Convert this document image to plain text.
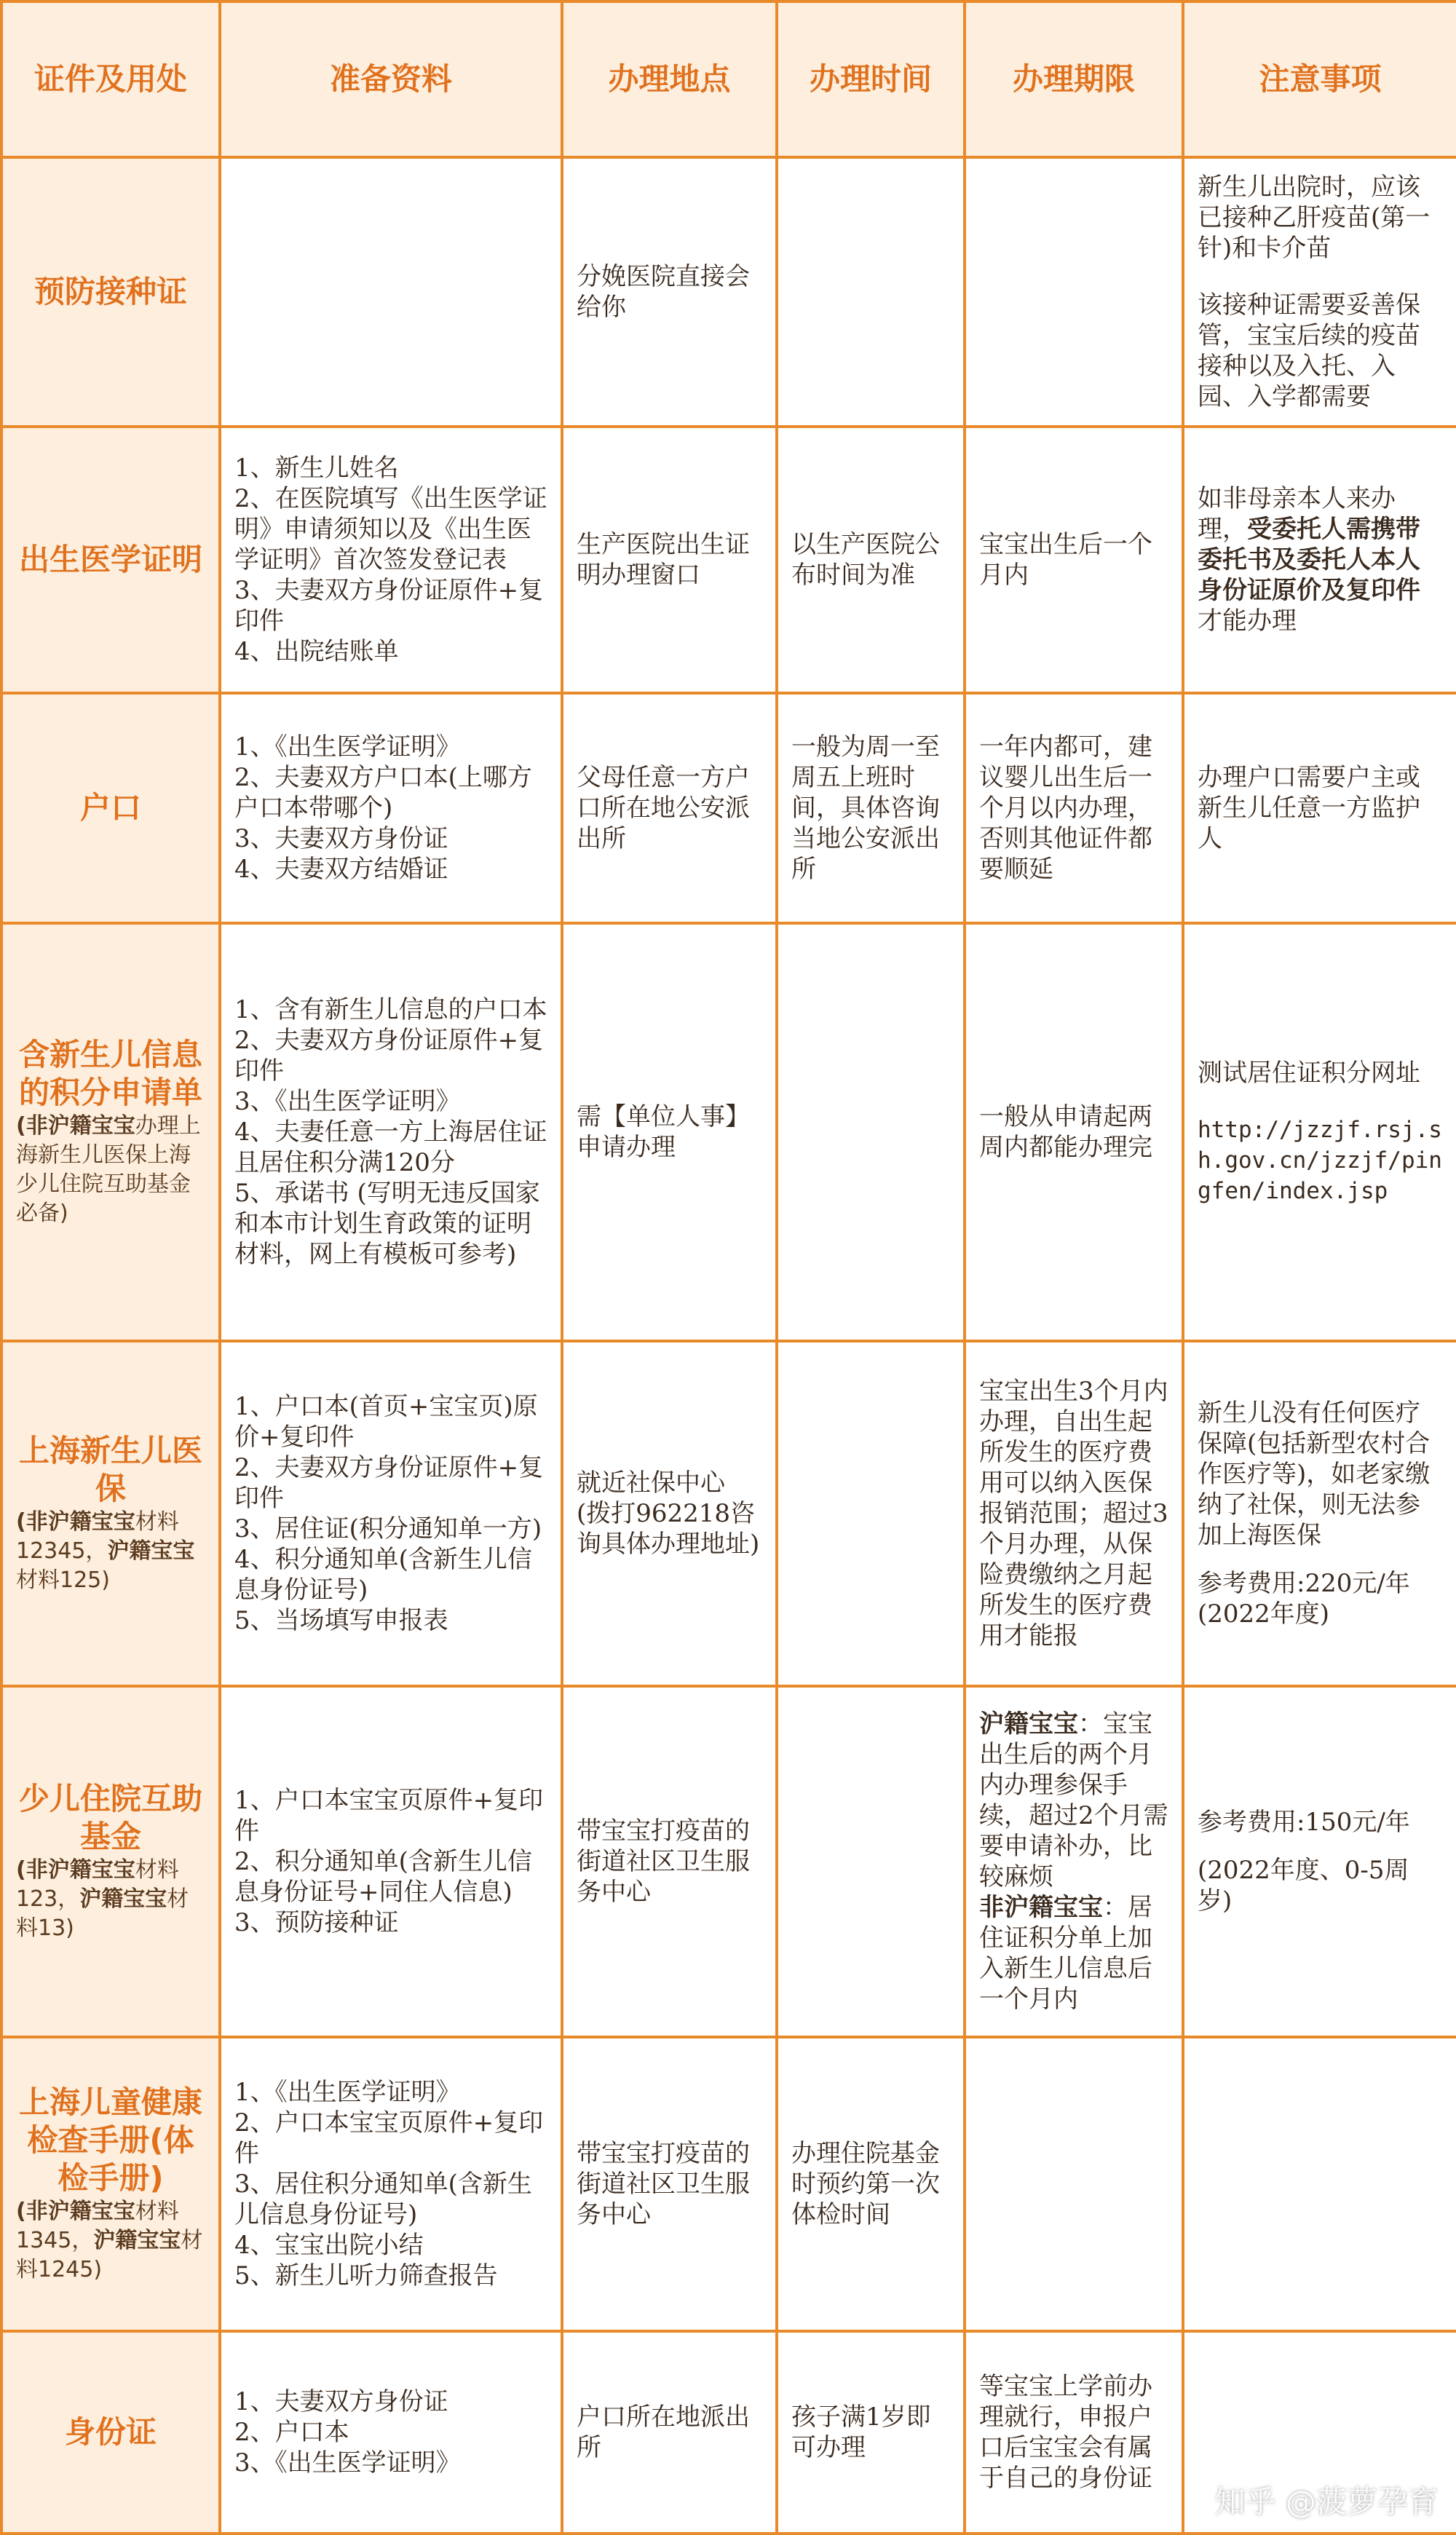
证件及用处	准备资料	办理地点	办理时间	办理期限	注意事项

预防接种证		分娩医院直接会给你			新生儿出院时，应该已接种乙肝疫苗(第一针)和卡介苗
该接种证需要妥善保管，宝宝后续的疫苗接种以及入托、入园、入学都需要

出生医学证明	1、新生儿姓名
2、在医院填写《出生医学证明》申请须知以及《出生医学证明》首次签发登记表
3、夫妻双方身份证原件+复印件
4、出院结账单	生产医院出生证明办理窗口	以生产医院公布时间为准	宝宝出生后一个月内	如非母亲本人来办理，受委托人需携带 委托书及委托人本人身份证原价及复印件才能办理

户口	1、《出生医学证明》
2、夫妻双方户口本(上哪方户口本带哪个)
3、夫妻双方身份证
4、夫妻双方结婚证	父母任意一方户口所在地公安派出所	一般为周一至周五上班时间，具体咨询当地公安派出所	一年内都可，建议婴儿出生后一个月以内办理，否则其他证件都要顺延	办理户口需要户主或新生儿任意一方监护人

含新生儿信息的积分申请单
(非沪籍宝宝办理上海新生儿医保上海少儿住院互助基金必备)	1、含有新生儿信息的户口本
2、夫妻双方身份证原件+复印件
3、《出生医学证明》
4、夫妻任意一方上海居住证且居住积分满120分
5、承诺书 (写明无违反国家和本市计划生育政策的证明材料，网上有模板可参考)	需【单位人事】申请办理		一般从申请起两周内都能办理完	测试居住证积分网址
http://jzzjf.rsj.sh.gov.cn/jzzjf/pingfen/index.jsp

上海新生儿医保
(非沪籍宝宝材料12345，沪籍宝宝材料125)	1、户口本(首页+宝宝页)原价+复印件
2、夫妻双方身份证原件+复印件
3、居住证(积分通知单一方)
4、积分通知单(含新生儿信息身份证号)
5、当场填写申报表	就近社保中心 (拨打962218咨询具体办理地址)		宝宝出生3个月内办理，自出生起所发生的医疗费用可以纳入医保报销范围；超过3个月办理，从保险费缴纳之月起所发生的医疗费用才能报	新生儿没有任何医疗保障(包括新型农村合作医疗等)，如老家缴纳了社保，则无法参加上海医保
参考费用:220元/年(2022年度)

少儿住院互助基金
(非沪籍宝宝材料123，沪籍宝宝材料13)	1、户口本宝宝页原件+复印件
2、积分通知单(含新生儿信息身份证号+同住人信息)
3、预防接种证	带宝宝打疫苗的街道社区卫生服务中心		沪籍宝宝：宝宝出生后的两个月内办理参保手续，超过2个月需要申请补办，比较麻烦
非沪籍宝宝：居住证积分单上加入新生儿信息后一个月内	参考费用:150元/年
(2022年度、0-5周岁)

上海儿童健康检查手册(体检手册)
(非沪籍宝宝材料1345，沪籍宝宝材料1245)	1、《出生医学证明》
2、户口本宝宝页原件+复印件
3、居住积分通知单(含新生儿信息身份证号)
4、宝宝出院小结
5、新生儿听力筛查报告	带宝宝打疫苗的街道社区卫生服务中心	办理住院基金时预约第一次体检时间		

身份证	1、夫妻双方身份证
2、户口本
3、《出生医学证明》	户口所在地派出所	孩子满1岁即可办理	等宝宝上学前办理就行，申报户口后宝宝会有属于自己的身份证	
知乎 @菠萝孕育
